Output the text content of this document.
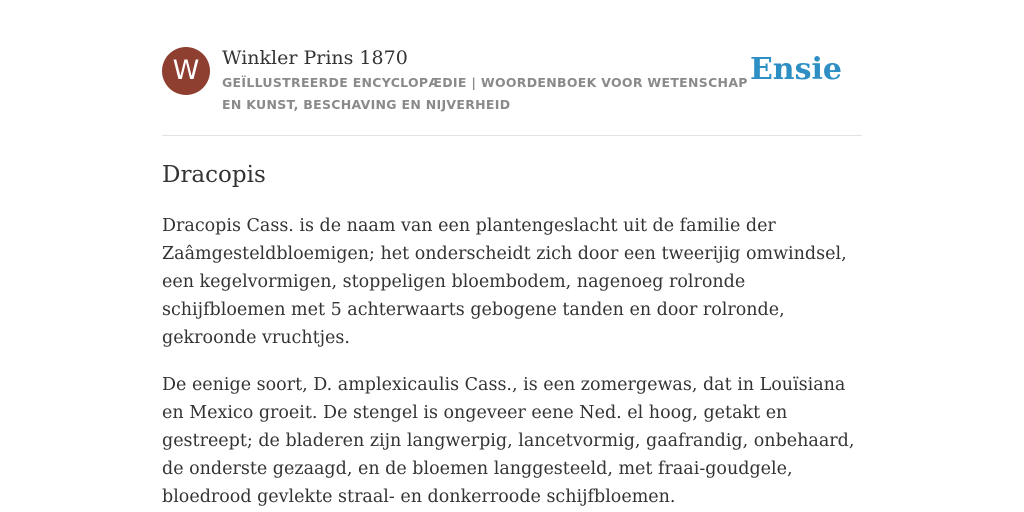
W	Winkler Prins 1870
GEÏLLUSTREERDE ENCYCLOPÆDIE | WOORDENBOEK VOOR WETENSCHAP EN KUNST, BESCHAVING EN NIJVERHEID
Ensie
Dracopis

Dracopis Cass. is de naam van een plantengeslacht uit de familie der Zaâmgesteldbloemigen; het onderscheidt zich door een tweerijig omwindsel, een kegelvormigen, stoppeligen bloembodem, nagenoeg rolronde schijfbloemen met 5 achterwaarts gebogene tanden en door rolronde, gekroonde vruchtjes.

De eenige soort, D. amplexicaulis Cass., is een zomergewas, dat in Louïsiana en Mexico groeit. De stengel is ongeveer eene Ned. el hoog, getakt en gestreept; de bladeren zijn langwerpig, lancetvormig, gaafrandig, onbehaard, de onderste gezaagd, en de bloemen langgesteeld, met fraai-goudgele, bloedrood gevlekte straal- en donkerroode schijfbloemen.
